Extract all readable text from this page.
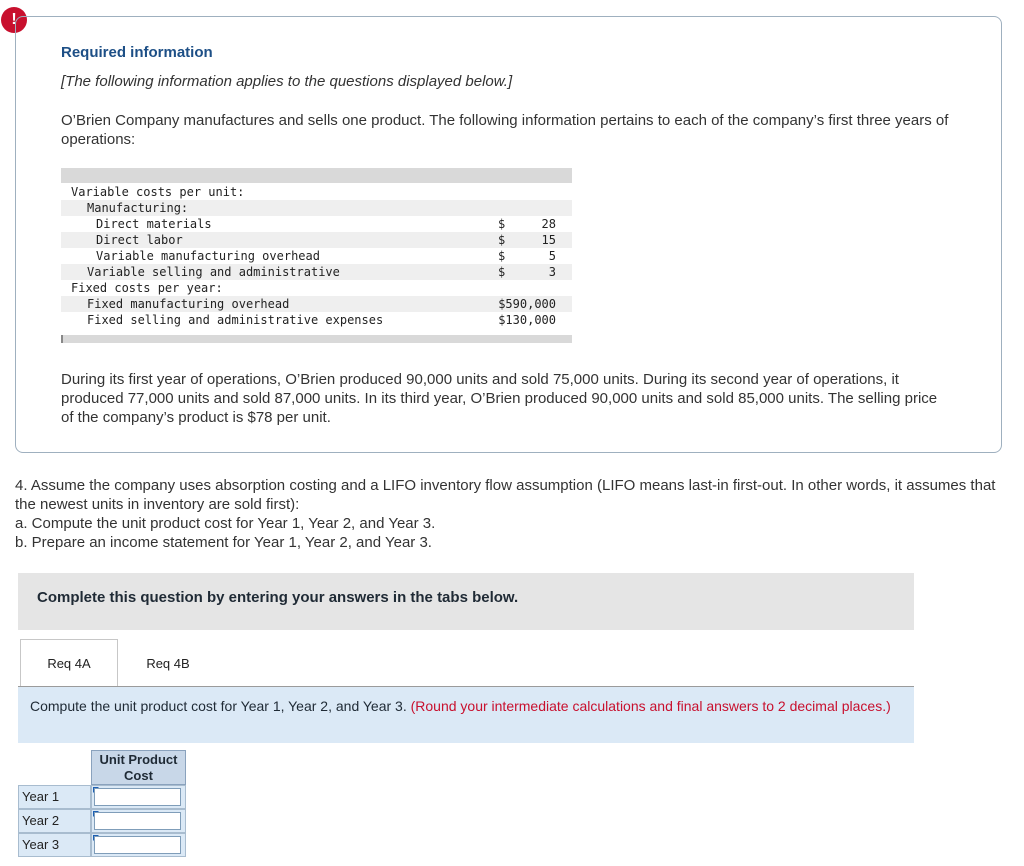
!
Required information
[The following information applies to the questions displayed below.]
O’Brien Company manufactures and sells one product. The following information pertains to each of the company’s first three years of operations:
Variable costs per unit:
Manufacturing:
Direct materials	$	28
Direct labor	$	15
Variable manufacturing overhead	$	5
Variable selling and administrative	$	3
Fixed costs per year:
Fixed manufacturing overhead	$590,000
Fixed selling and administrative expenses	$130,000
During its first year of operations, O’Brien produced 90,000 units and sold 75,000 units. During its second year of operations, it produced 77,000 units and sold 87,000 units. In its third year, O’Brien produced 90,000 units and sold 85,000 units. The selling price of the company’s product is $78 per unit.
4. Assume the company uses absorption costing and a LIFO inventory flow assumption (LIFO means last-in first-out. In other words, it assumes that the newest units in inventory are sold first):
a. Compute the unit product cost for Year 1, Year 2, and Year 3.
b. Prepare an income statement for Year 1, Year 2, and Year 3.
Complete this question by entering your answers in the tabs below.
Req 4A	Req 4B
Compute the unit product cost for Year 1, Year 2, and Year 3. (Round your intermediate calculations and final answers to 2 decimal places.)
Unit Product Cost
Year 1
Year 2
Year 3
